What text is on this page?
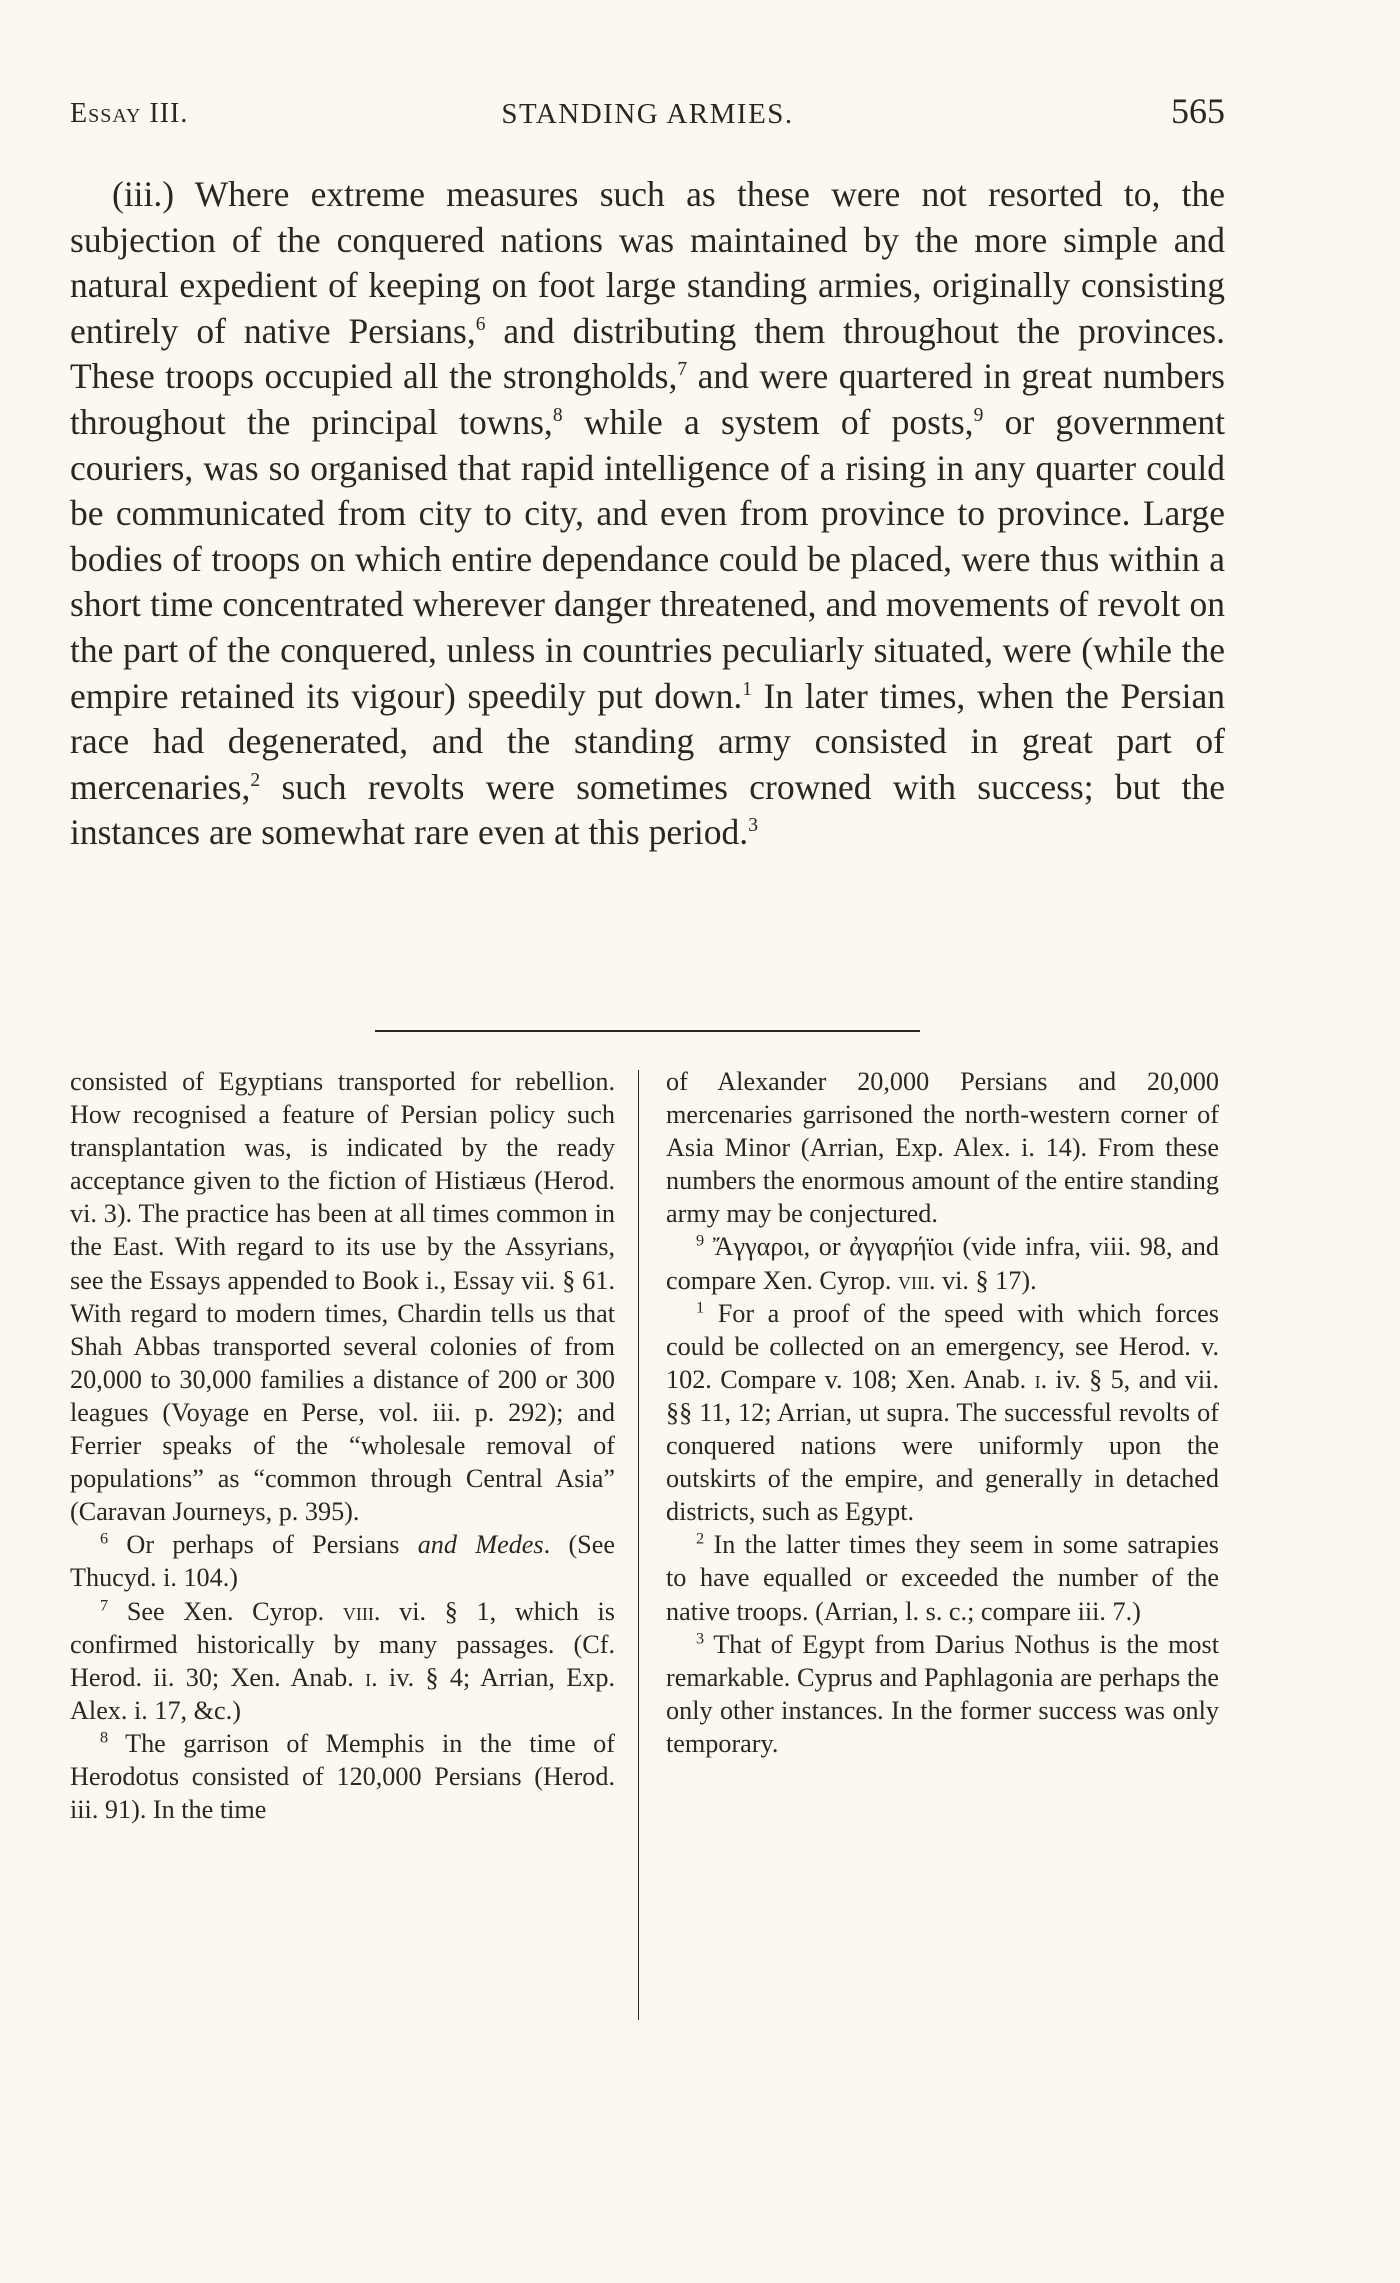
Essay III.	STANDING ARMIES.	565

(iii.) Where extreme measures such as these were not resorted to, the subjection of the conquered nations was maintained by the more simple and natural expedient of keeping on foot large standing armies, originally consisting entirely of native Persians,$^6$ and distributing them throughout the provinces. These troops occupied all the strongholds,$^7$ and were quartered in great numbers throughout the principal towns,$^8$ while a system of posts,$^9$ or government couriers, was so organised that rapid intelligence of a rising in any quarter could be communicated from city to city, and even from province to province. Large bodies of troops on which entire dependance could be placed, were thus within a short time concentrated wherever danger threatened, and movements of revolt on the part of the conquered, unless in countries peculiarly situated, were (while the empire retained its vigour) speedily put down.$^1$ In later times, when the Persian race had degenerated, and the standing army consisted in great part of mercenaries,$^2$ such revolts were sometimes crowned with success; but the instances are somewhat rare even at this period.$^3$

consisted of Egyptians transported for rebellion. How recognised a feature of Persian policy such transplantation was, is indicated by the ready acceptance given to the fiction of Histiæus (Herod. vi. 3). The practice has been at all times common in the East. With regard to its use by the Assyrians, see the Essays appended to Book i., Essay vii. § 61. With regard to modern times, Chardin tells us that Shah Abbas transported several colonies of from 20,000 to 30,000 families a distance of 200 or 300 leagues (Voyage en Perse, vol. iii. p. 292); and Ferrier speaks of the “wholesale removal of populations” as “common through Central Asia” (Caravan Journeys, p. 395).

$^6$ Or perhaps of Persians and Medes. (See Thucyd. i. 104.)

$^7$ See Xen. Cyrop. viii. vi. § 1, which is confirmed historically by many passages. (Cf. Herod. ii. 30; Xen. Anab. i. iv. § 4; Arrian, Exp. Alex. i. 17, &c.)

$^8$ The garrison of Memphis in the time of Herodotus consisted of 120,000 Persians (Herod. iii. 91). In the time

of Alexander 20,000 Persians and 20,000 mercenaries garrisoned the north-western corner of Asia Minor (Arrian, Exp. Alex. i. 14). From these numbers the enormous amount of the entire standing army may be conjectured.

$^9$ Ἄγγαροι, or ἀγγαρήϊοι (vide infra, viii. 98, and compare Xen. Cyrop. viii. vi. § 17).

$^1$ For a proof of the speed with which forces could be collected on an emergency, see Herod. v. 102. Compare v. 108; Xen. Anab. i. iv. § 5, and vii. §§ 11, 12; Arrian, ut supra. The successful revolts of conquered nations were uniformly upon the outskirts of the empire, and generally in detached districts, such as Egypt.

$^2$ In the latter times they seem in some satrapies to have equalled or exceeded the number of the native troops. (Arrian, l. s. c.; compare iii. 7.)

$^3$ That of Egypt from Darius Nothus is the most remarkable. Cyprus and Paphlagonia are perhaps the only other instances. In the former success was only temporary.
